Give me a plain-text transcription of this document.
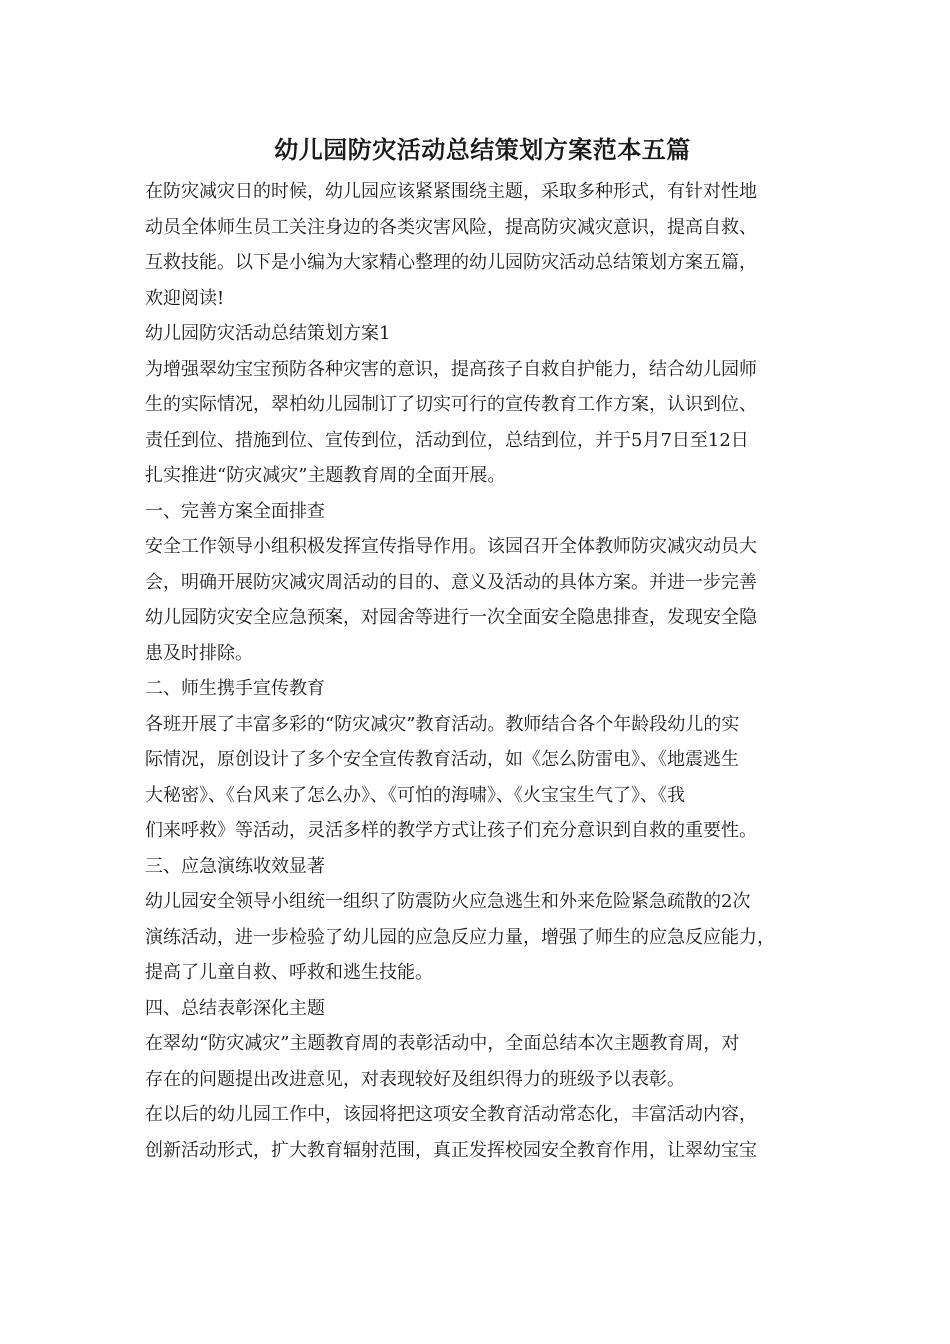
幼儿园防灾活动总结策划方案范本五篇

在防灾减灾日的时候，幼儿园应该紧紧围绕主题，采取多种形式，有针对性地

动员全体师生员工关注身边的各类灾害风险，提高防灾减灾意识，提高自救、

互救技能。以下是小编为大家精心整理的幼儿园防灾活动总结策划方案五篇，

欢迎阅读!

幼儿园防灾活动总结策划方案1

为增强翠幼宝宝预防各种灾害的意识，提高孩子自救自护能力，结合幼儿园师

生的实际情况，翠柏幼儿园制订了切实可行的宣传教育工作方案，认识到位、

责任到位、措施到位、宣传到位，活动到位，总结到位，并于5月7日至12日

扎实推进“防灾减灾”主题教育周的全面开展。

一、完善方案全面排查

安全工作领导小组积极发挥宣传指导作用。该园召开全体教师防灾减灾动员大

会，明确开展防灾减灾周活动的目的、意义及活动的具体方案。并进一步完善

幼儿园防灾安全应急预案，对园舍等进行一次全面安全隐患排查，发现安全隐

患及时排除。

二、师生携手宣传教育

各班开展了丰富多彩的“防灾减灾”教育活动。教师结合各个年龄段幼儿的实

际情况，原创设计了多个安全宣传教育活动，如《怎么防雷电》、《地震逃生

大秘密》、《台风来了怎么办》、《可怕的海啸》、《火宝宝生气了》、《我

们来呼救》等活动，灵活多样的教学方式让孩子们充分意识到自救的重要性。

三、应急演练收效显著

幼儿园安全领导小组统一组织了防震防火应急逃生和外来危险紧急疏散的2次

演练活动，进一步检验了幼儿园的应急反应力量，增强了师生的应急反应能力，

提高了儿童自救、呼救和逃生技能。

四、总结表彰深化主题

在翠幼“防灾减灾”主题教育周的表彰活动中，全面总结本次主题教育周，对

存在的问题提出改进意见，对表现较好及组织得力的班级予以表彰。

在以后的幼儿园工作中，该园将把这项安全教育活动常态化，丰富活动内容，

创新活动形式，扩大教育辐射范围，真正发挥校园安全教育作用，让翠幼宝宝
